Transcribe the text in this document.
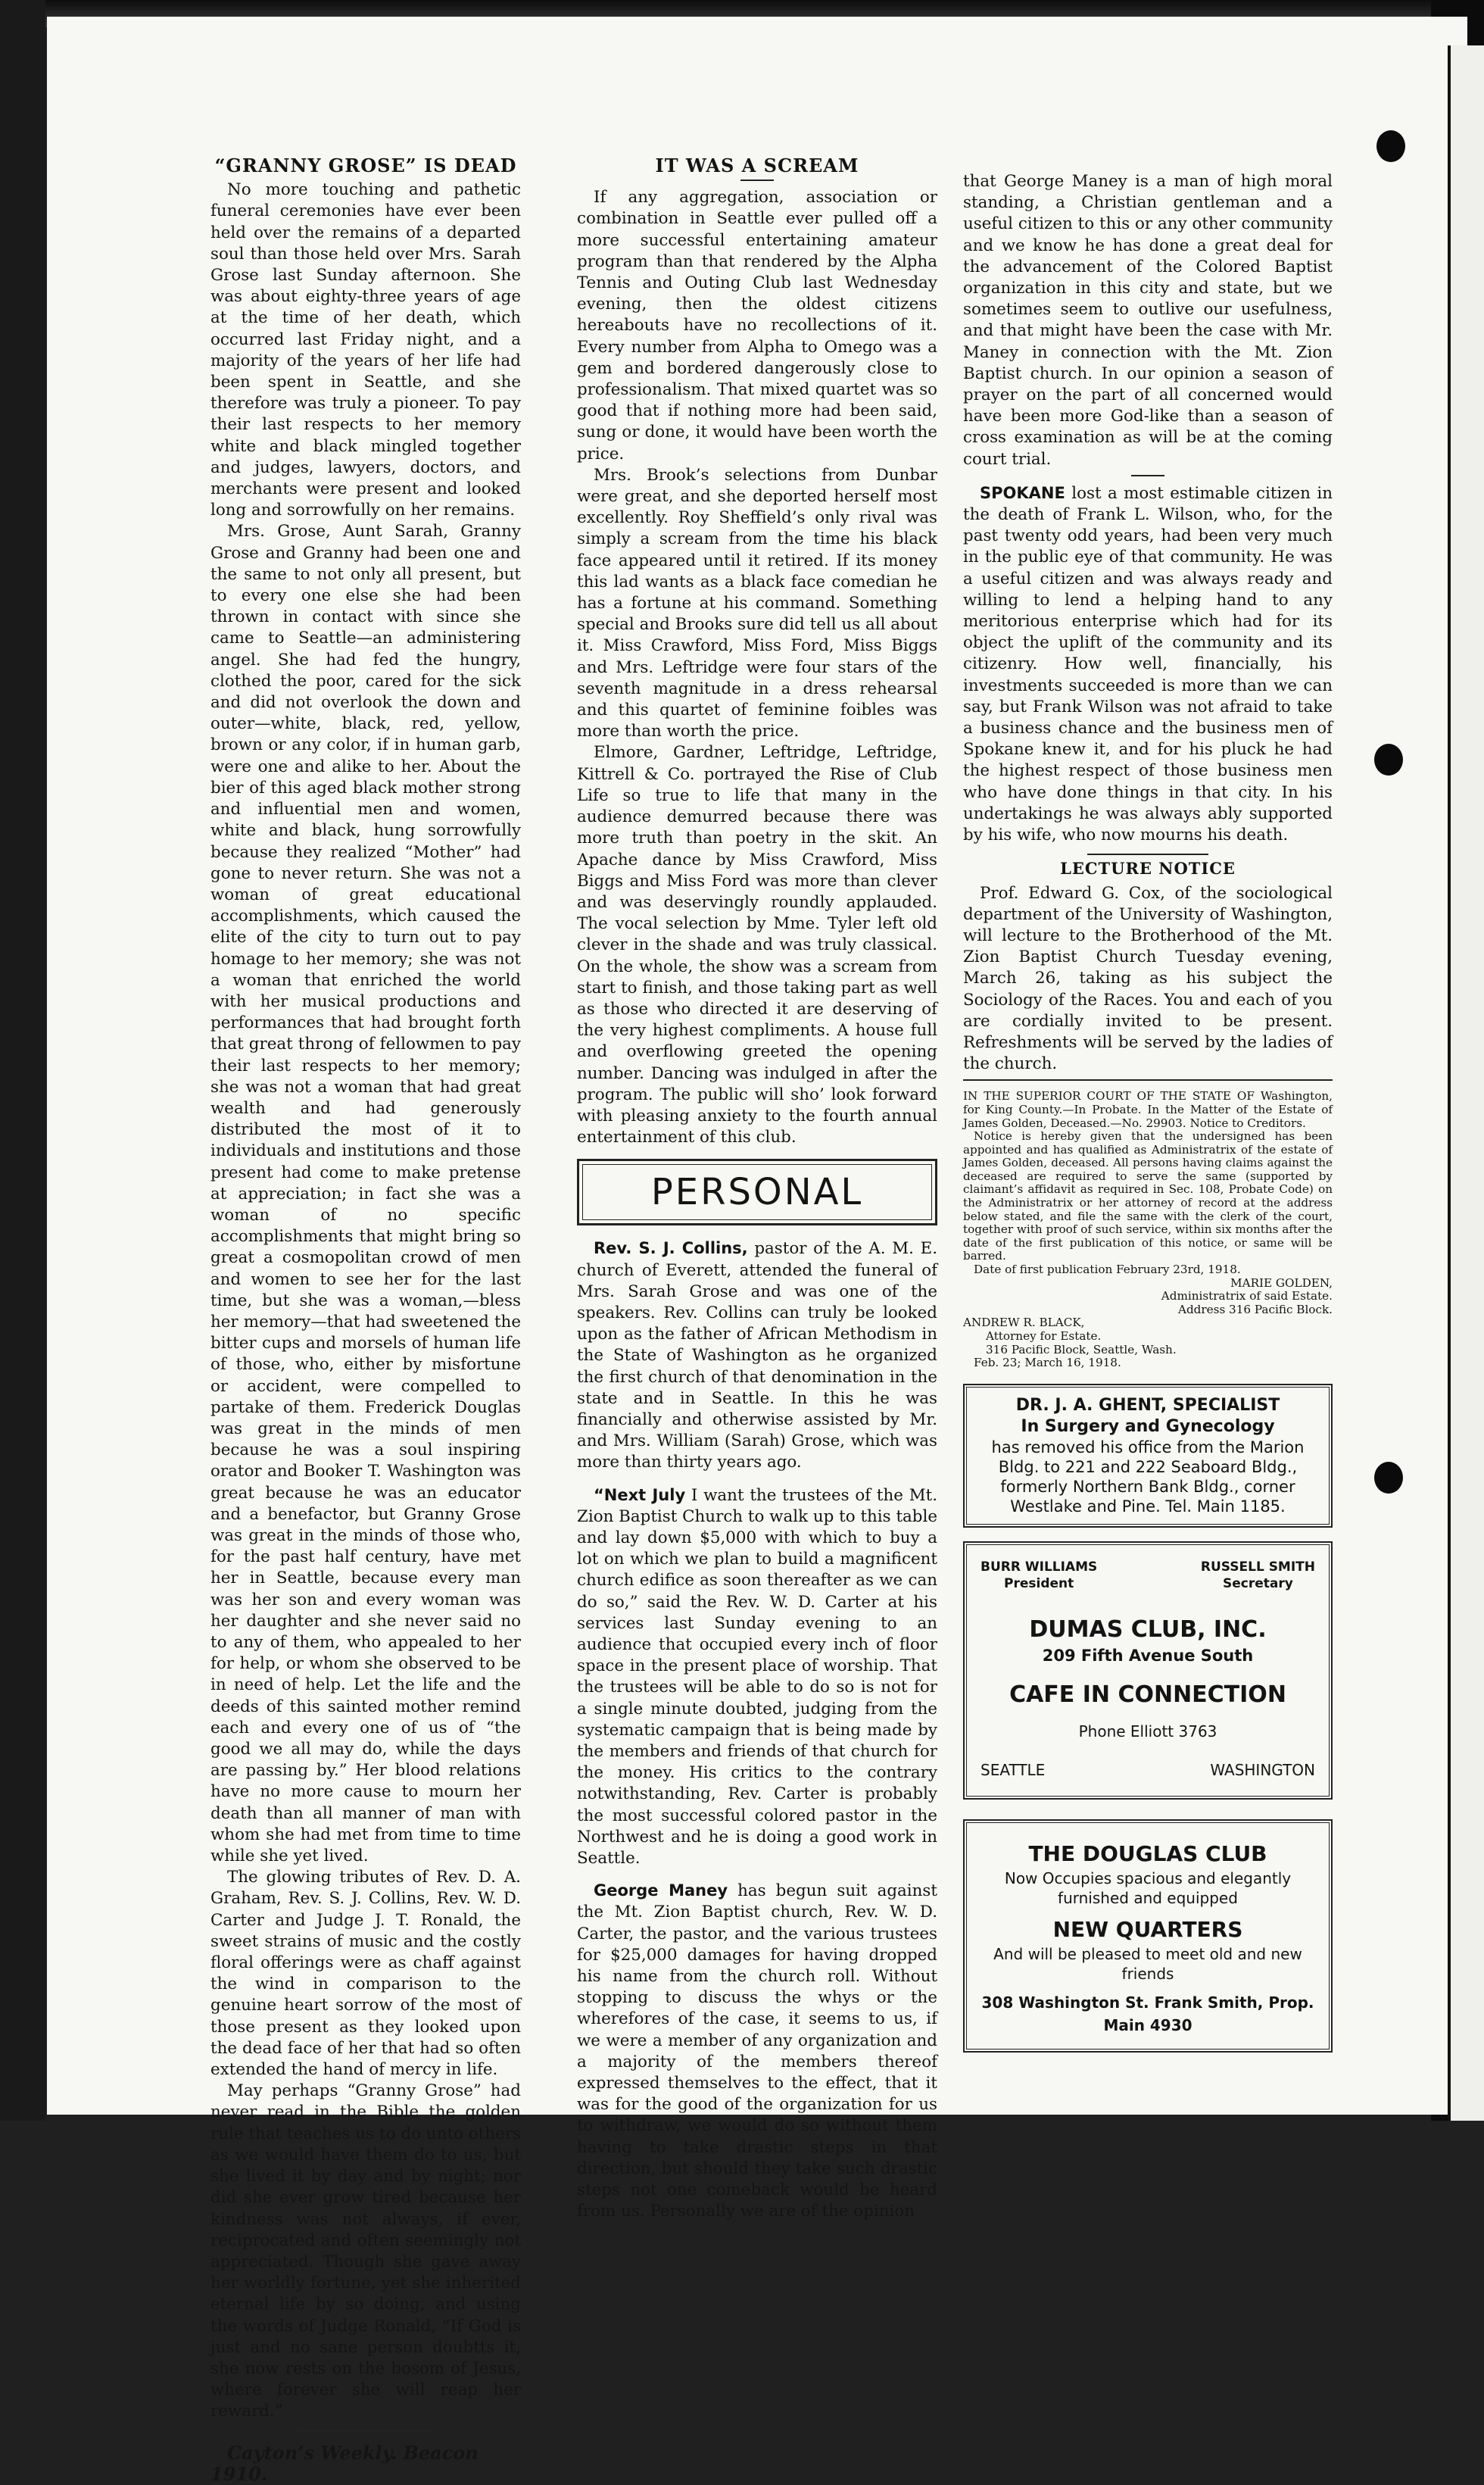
“GRANNY GROSE” IS DEAD

No more touching and pathetic funeral ceremonies have ever been held over the remains of a departed soul than those held over Mrs. Sarah Grose last Sunday afternoon. She was about eighty-three years of age at the time of her death, which occurred last Friday night, and a majority of the years of her life had been spent in Seattle, and she therefore was truly a pioneer. To pay their last respects to her memory white and black mingled together and judges, lawyers, doctors, and merchants were present and looked long and sorrowfully on her remains.

Mrs. Grose, Aunt Sarah, Granny Grose and Granny had been one and the same to not only all present, but to every one else she had been thrown in contact with since she came to Seattle—an administering angel. She had fed the hungry, clothed the poor, cared for the sick and did not overlook the down and outer—white, black, red, yellow, brown or any color, if in human garb, were one and alike to her. About the bier of this aged black mother strong and influential men and women, white and black, hung sorrowfully because they realized “Mother” had gone to never return. She was not a woman of great educational accomplishments, which caused the elite of the city to turn out to pay homage to her memory; she was not a woman that enriched the world with her musical productions and performances that had brought forth that great throng of fellowmen to pay their last respects to her memory; she was not a woman that had great wealth and had generously distributed the most of it to individuals and institutions and those present had come to make pretense at appreciation; in fact she was a woman of no specific accomplishments that might bring so great a cosmopolitan crowd of men and women to see her for the last time, but she was a woman,—bless her memory—that had sweetened the bitter cups and morsels of human life of those, who, either by misfortune or accident, were compelled to partake of them. Frederick Douglas was great in the minds of men because he was a soul inspiring orator and Booker T. Washington was great because he was an educator and a benefactor, but Granny Grose was great in the minds of those who, for the past half century, have met her in Seattle, because every man was her son and every woman was her daughter and she never said no to any of them, who appealed to her for help, or whom she observed to be in need of help. Let the life and the deeds of this sainted mother remind each and every one of us of “the good we all may do, while the days are passing by.” Her blood relations have no more cause to mourn her death than all manner of man with whom she had met from time to time while she yet lived.

The glowing tributes of Rev. D. A. Graham, Rev. S. J. Collins, Rev. W. D. Carter and Judge J. T. Ronald, the sweet strains of music and the costly floral offerings were as chaff against the wind in comparison to the genuine heart sorrow of the most of those present as they looked upon the dead face of her that had so often extended the hand of mercy in life.

May perhaps “Granny Grose” had never read in the Bible the golden rule that teaches us to do unto others as we would have them do to us, but she lived it by day and by night; nor did she ever grow tired because her kindness was not always, if ever, reciprocated and often seemingly not appreciated. Though she gave away her worldly fortune, yet she inherited eternal life by so doing, and using the words of Judge Ronald, “If God is just and no sane person doubtts it, she now rests on the bosom of Jesus, where forever she will reap her reward.”

Cayton’s Weekly. Beacon 1910.

IT WAS A SCREAM

If any aggregation, association or combination in Seattle ever pulled off a more successful entertaining amateur program than that rendered by the Alpha Tennis and Outing Club last Wednesday evening, then the oldest citizens hereabouts have no recollections of it. Every number from Alpha to Omego was a gem and bordered dangerously close to professionalism. That mixed quartet was so good that if nothing more had been said, sung or done, it would have been worth the price.

Mrs. Brook’s selections from Dunbar were great, and she deported herself most excellently. Roy Sheffield’s only rival was simply a scream from the time his black face appeared until it retired. If its money this lad wants as a black face comedian he has a fortune at his command. Something special and Brooks sure did tell us all about it. Miss Crawford, Miss Ford, Miss Biggs and Mrs. Leftridge were four stars of the seventh magnitude in a dress rehearsal and this quartet of feminine foibles was more than worth the price.

Elmore, Gardner, Leftridge, Leftridge, Kittrell & Co. portrayed the Rise of Club Life so true to life that many in the audience demurred because there was more truth than poetry in the skit. An Apache dance by Miss Crawford, Miss Biggs and Miss Ford was more than clever and was deservingly roundly applauded. The vocal selection by Mme. Tyler left old clever in the shade and was truly classical. On the whole, the show was a scream from start to finish, and those taking part as well as those who directed it are deserving of the very highest compliments. A house full and overflowing greeted the opening number. Dancing was indulged in after the program. The public will sho’ look forward with pleasing anxiety to the fourth annual entertainment of this club.

PERSONAL

Rev. S. J. Collins, pastor of the A. M. E. church of Everett, attended the funeral of Mrs. Sarah Grose and was one of the speakers. Rev. Collins can truly be looked upon as the father of African Methodism in the State of Washington as he organized the first church of that denomination in the state and in Seattle. In this he was financially and otherwise assisted by Mr. and Mrs. William (Sarah) Grose, which was more than thirty years ago.

“Next July I want the trustees of the Mt. Zion Baptist Church to walk up to this table and lay down $5,000 with which to buy a lot on which we plan to build a magnificent church edifice as soon thereafter as we can do so,” said the Rev. W. D. Carter at his services last Sunday evening to an audience that occupied every inch of floor space in the present place of worship. That the trustees will be able to do so is not for a single minute doubted, judging from the systematic campaign that is being made by the members and friends of that church for the money. His critics to the contrary notwithstanding, Rev. Carter is probably the most successful colored pastor in the Northwest and he is doing a good work in Seattle.

George Maney has begun suit against the Mt. Zion Baptist church, Rev. W. D. Carter, the pastor, and the various trustees for $25,000 damages for having dropped his name from the church roll. Without stopping to discuss the whys or the wherefores of the case, it seems to us, if we were a member of any organization and a majority of the members thereof expressed themselves to the effect, that it was for the good of the organization for us to withdraw, we would do so without them having to take drastic steps in that direction, but should they take such drastic steps not one comeback would be heard from us. Personally we are of the opinion

that George Maney is a man of high moral standing, a Christian gentleman and a useful citizen to this or any other community and we know he has done a great deal for the advancement of the Colored Baptist organization in this city and state, but we sometimes seem to outlive our usefulness, and that might have been the case with Mr. Maney in connection with the Mt. Zion Baptist church. In our opinion a season of prayer on the part of all concerned would have been more God-like than a season of cross examination as will be at the coming court trial.

SPOKANE lost a most estimable citizen in the death of Frank L. Wilson, who, for the past twenty odd years, had been very much in the public eye of that community. He was a useful citizen and was always ready and willing to lend a helping hand to any meritorious enterprise which had for its object the uplift of the community and its citizenry. How well, financially, his investments succeeded is more than we can say, but Frank Wilson was not afraid to take a business chance and the business men of Spokane knew it, and for his pluck he had the highest respect of those business men who have done things in that city. In his undertakings he was always ably supported by his wife, who now mourns his death.

LECTURE NOTICE

Prof. Edward G. Cox, of the sociological department of the University of Washington, will lecture to the Brotherhood of the Mt. Zion Baptist Church Tuesday evening, March 26, taking as his subject the Sociology of the Races. You and each of you are cordially invited to be present. Refreshments will be served by the ladies of the church.

IN THE SUPERIOR COURT OF THE STATE OF Washington, for King County.—In Probate. In the Matter of the Estate of James Golden, Deceased.—No. 29903. Notice to Creditors.

Notice is hereby given that the undersigned has been appointed and has qualified as Administratrix of the estate of James Golden, deceased. All persons having claims against the deceased are required to serve the same (supported by claimant’s affidavit as required in Sec. 108, Probate Code) on the Administratrix or her attorney of record at the address below stated, and file the same with the clerk of the court, together with proof of such service, within six months after the date of the first publication of this notice, or same will be barred.

Date of first publication February 23rd, 1918.

MARIE GOLDEN,

Administratrix of said Estate.

Address 316 Pacific Block.

ANDREW R. BLACK,

Attorney for Estate.

316 Pacific Block, Seattle, Wash.

Feb. 23; March 16, 1918.

DR. J. A. GHENT, SPECIALIST
In Surgery and Gynecology
has removed his office from the Marion Bldg. to 221 and 222 Seaboard Bldg., formerly Northern Bank Bldg., corner Westlake and Pine. Tel. Main 1185.
BURR WILLIAMS
President
RUSSELL SMITH
Secretary
DUMAS CLUB, INC.
209 Fifth Avenue South
CAFE IN CONNECTION
Phone Elliott 3763
SEATTLE	WASHINGTON
THE DOUGLAS CLUB
Now Occupies spacious and elegantly furnished and equipped
NEW QUARTERS
And will be pleased to meet old and new friends
308 Washington St. Frank Smith, Prop.
Main 4930
